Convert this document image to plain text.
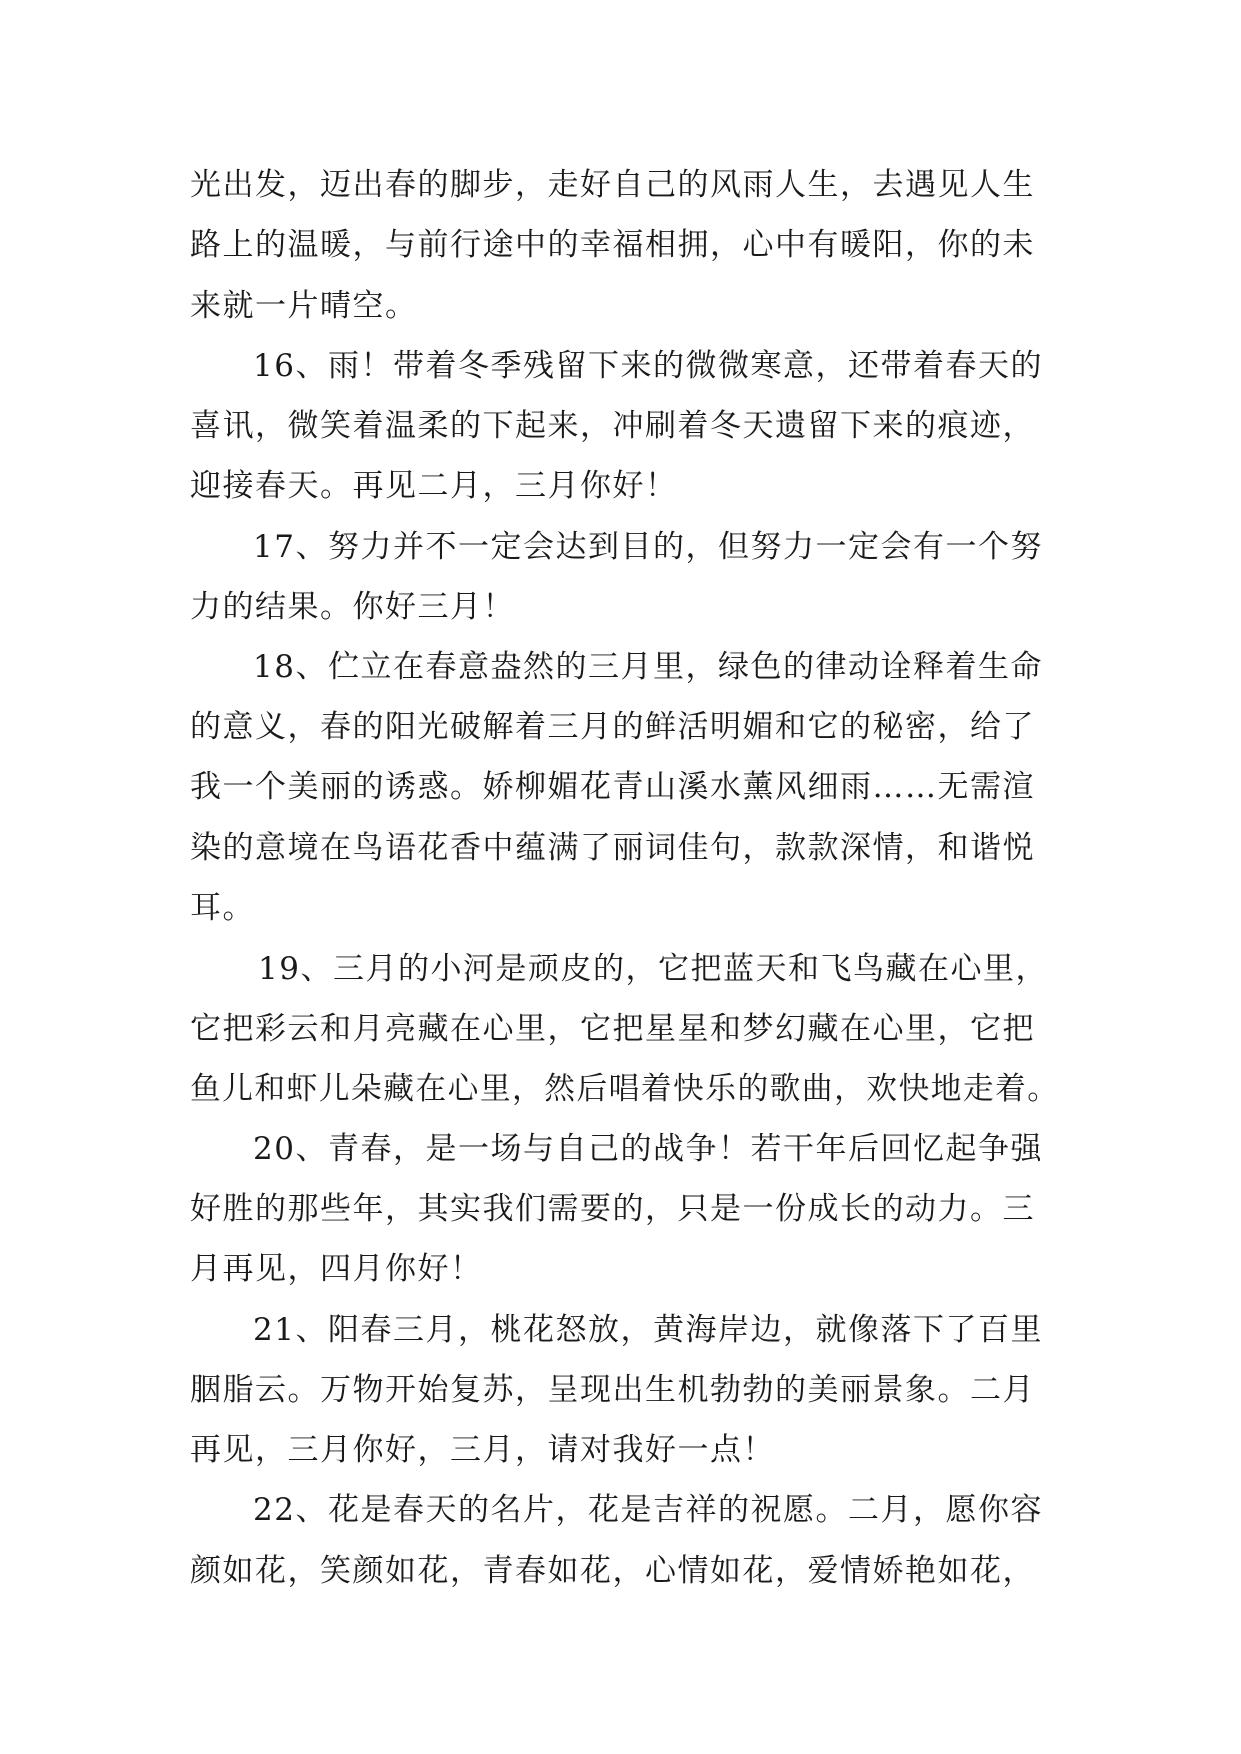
光出发，迈出春的脚步，走好自己的风雨人生，去遇见人生
路上的温暖，与前行途中的幸福相拥，心中有暖阳，你的未
来就一片晴空。
16、雨！带着冬季残留下来的微微寒意，还带着春天的
喜讯，微笑着温柔的下起来，冲刷着冬天遗留下来的痕迹，
迎接春天。再见二月，三月你好！
17、努力并不一定会达到目的，但努力一定会有一个努
力的结果。你好三月！
18、伫立在春意盎然的三月里，绿色的律动诠释着生命
的意义，春的阳光破解着三月的鲜活明媚和它的秘密，给了
我一个美丽的诱惑。娇柳媚花青山溪水薰风细雨……无需渲
染的意境在鸟语花香中蕴满了丽词佳句，款款深情，和谐悦
耳。
19、三月的小河是顽皮的，它把蓝天和飞鸟藏在心里，
它把彩云和月亮藏在心里，它把星星和梦幻藏在心里，它把
鱼儿和虾儿朵藏在心里，然后唱着快乐的歌曲，欢快地走着。
20、青春，是一场与自己的战争！若干年后回忆起争强
好胜的那些年，其实我们需要的，只是一份成长的动力。三
月再见，四月你好！
21、阳春三月，桃花怒放，黄海岸边，就像落下了百里
胭脂云。万物开始复苏，呈现出生机勃勃的美丽景象。二月
再见，三月你好，三月，请对我好一点！
22、花是春天的名片，花是吉祥的祝愿。二月，愿你容
颜如花，笑颜如花，青春如花，心情如花，爱情娇艳如花，
